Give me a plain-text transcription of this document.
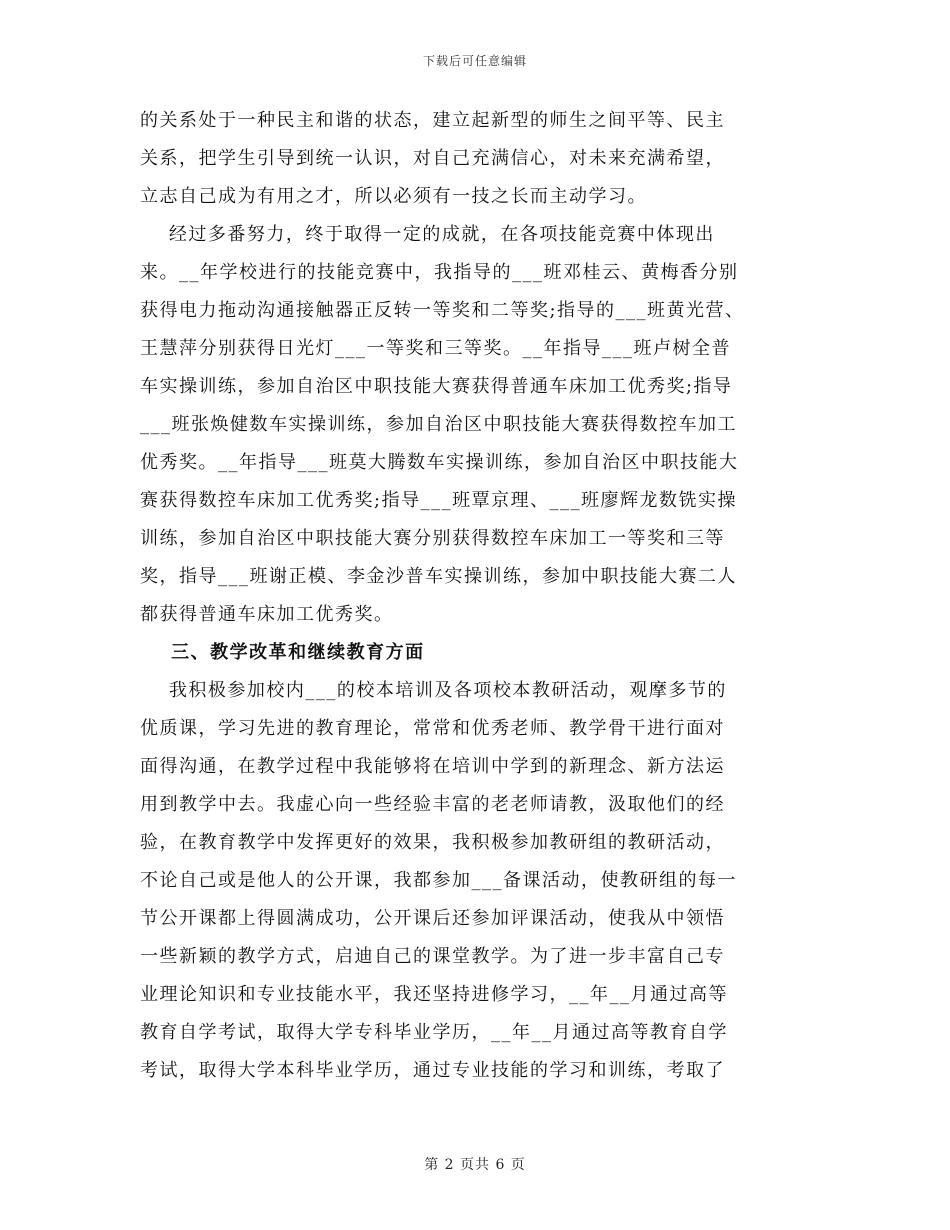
下载后可任意编辑

的关系处于一种民主和谐的状态，建立起新型的师生之间平等、民主
关系，把学生引导到统一认识，对自己充满信心，对未来充满希望，
立志自己成为有用之才，所以必须有一技之长而主动学习。

经过多番努力，终于取得一定的成就，在各项技能竞赛中体现出
来。__年学校进行的技能竞赛中，我指导的___班邓桂云、黄梅香分别
获得电力拖动沟通接触器正反转一等奖和二等奖;指导的___班黄光营、
王慧萍分别获得日光灯___一等奖和三等奖。__年指导___班卢树全普
车实操训练，参加自治区中职技能大赛获得普通车床加工优秀奖;指导
___班张焕健数车实操训练，参加自治区中职技能大赛获得数控车加工
优秀奖。__年指导___班莫大腾数车实操训练，参加自治区中职技能大
赛获得数控车床加工优秀奖;指导___班覃京理、___班廖辉龙数铣实操
训练，参加自治区中职技能大赛分别获得数控车床加工一等奖和三等
奖，指导___班谢正模、李金沙普车实操训练，参加中职技能大赛二人
都获得普通车床加工优秀奖。

三、教学改革和继续教育方面

我积极参加校内___的校本培训及各项校本教研活动，观摩多节的
优质课，学习先进的教育理论，常常和优秀老师、教学骨干进行面对
面得沟通，在教学过程中我能够将在培训中学到的新理念、新方法运
用到教学中去。我虚心向一些经验丰富的老老师请教，汲取他们的经
验，在教育教学中发挥更好的效果，我积极参加教研组的教研活动，
不论自己或是他人的公开课，我都参加___备课活动，使教研组的每一
节公开课都上得圆满成功，公开课后还参加评课活动，使我从中领悟
一些新颖的教学方式，启迪自己的课堂教学。为了进一步丰富自己专
业理论知识和专业技能水平，我还坚持进修学习，__年__月通过高等
教育自学考试，取得大学专科毕业学历，__年__月通过高等教育自学
考试，取得大学本科毕业学历，通过专业技能的学习和训练，考取了

第 2 页共 6 页
